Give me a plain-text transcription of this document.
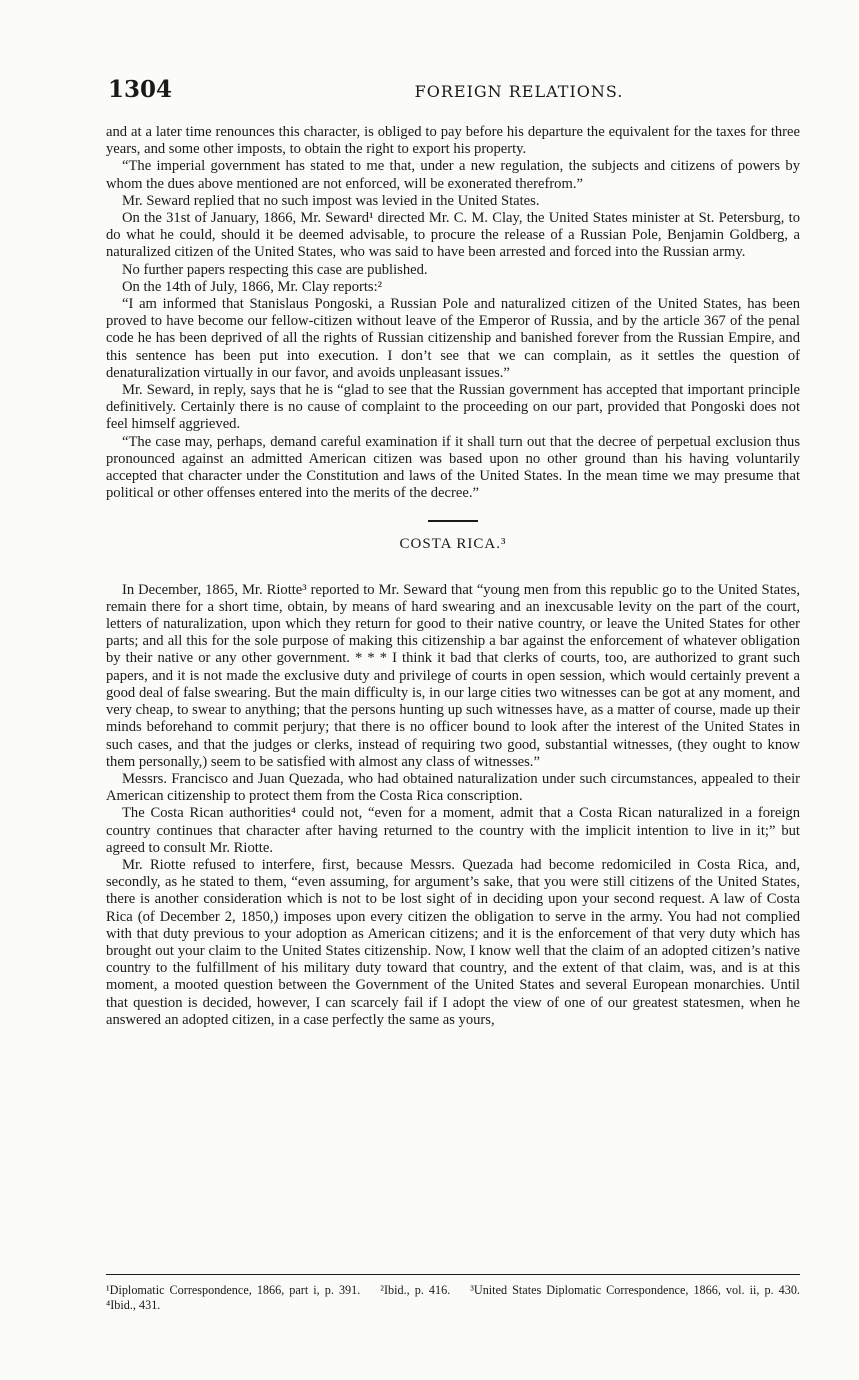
1304	FOREIGN RELATIONS.

and at a later time renounces this character, is obliged to pay before his departure the equivalent for the taxes for three years, and some other imposts, to obtain the right to export his property.

“The imperial government has stated to me that, under a new regulation, the subjects and citizens of powers by whom the dues above mentioned are not enforced, will be exonerated therefrom.”

Mr. Seward replied that no such impost was levied in the United States.

On the 31st of January, 1866, Mr. Seward¹ directed Mr. C. M. Clay, the United States minister at St. Petersburg, to do what he could, should it be deemed advisable, to procure the release of a Russian Pole, Benjamin Goldberg, a naturalized citizen of the United States, who was said to have been arrested and forced into the Russian army.

No further papers respecting this case are published.

On the 14th of July, 1866, Mr. Clay reports:²

“I am informed that Stanislaus Pongoski, a Russian Pole and naturalized citizen of the United States, has been proved to have become our fellow-citizen without leave of the Emperor of Russia, and by the article 367 of the penal code he has been deprived of all the rights of Russian citizenship and banished forever from the Russian Empire, and this sentence has been put into execution. I don’t see that we can complain, as it settles the question of denaturalization virtually in our favor, and avoids unpleasant issues.”

Mr. Seward, in reply, says that he is “glad to see that the Russian government has accepted that important principle definitively. Certainly there is no cause of complaint to the proceeding on our part, provided that Pongoski does not feel himself aggrieved.

“The case may, perhaps, demand careful examination if it shall turn out that the decree of perpetual exclusion thus pronounced against an admitted American citizen was based upon no other ground than his having voluntarily accepted that character under the Constitution and laws of the United States. In the mean time we may presume that political or other offenses entered into the merits of the decree.”

COSTA RICA.³

In December, 1865, Mr. Riotte³ reported to Mr. Seward that “young men from this republic go to the United States, remain there for a short time, obtain, by means of hard swearing and an inexcusable levity on the part of the court, letters of naturalization, upon which they return for good to their native country, or leave the United States for other parts; and all this for the sole purpose of making this citizenship a bar against the enforcement of whatever obligation by their native or any other government. * * * I think it bad that clerks of courts, too, are authorized to grant such papers, and it is not made the exclusive duty and privilege of courts in open session, which would certainly prevent a good deal of false swearing. But the main difficulty is, in our large cities two witnesses can be got at any moment, and very cheap, to swear to anything; that the persons hunting up such witnesses have, as a matter of course, made up their minds beforehand to commit perjury; that there is no officer bound to look after the interest of the United States in such cases, and that the judges or clerks, instead of requiring two good, substantial witnesses, (they ought to know them personally,) seem to be satisfied with almost any class of witnesses.”

Messrs. Francisco and Juan Quezada, who had obtained naturalization under such circumstances, appealed to their American citizenship to protect them from the Costa Rica conscription.

The Costa Rican authorities⁴ could not, “even for a moment, admit that a Costa Rican naturalized in a foreign country continues that character after having returned to the country with the implicit intention to live in it;” but agreed to consult Mr. Riotte.

Mr. Riotte refused to interfere, first, because Messrs. Quezada had become redomiciled in Costa Rica, and, secondly, as he stated to them, “even assuming, for argument’s sake, that you were still citizens of the United States, there is another consideration which is not to be lost sight of in deciding upon your second request. A law of Costa Rica (of December 2, 1850,) imposes upon every citizen the obligation to serve in the army. You had not complied with that duty previous to your adoption as American citizens; and it is the enforcement of that very duty which has brought out your claim to the United States citizenship. Now, I know well that the claim of an adopted citizen’s native country to the fulfillment of his military duty toward that country, and the extent of that claim, was, and is at this moment, a mooted question between the Government of the United States and several European monarchies. Until that question is decided, however, I can scarcely fail if I adopt the view of one of our greatest statesmen, when he answered an adopted citizen, in a case perfectly the same as yours,

¹Diplomatic Correspondence, 1866, part i, p. 391. ²Ibid., p. 416. ³United States Diplomatic Correspondence, 1866, vol. ii, p. 430. ⁴Ibid., 431.
